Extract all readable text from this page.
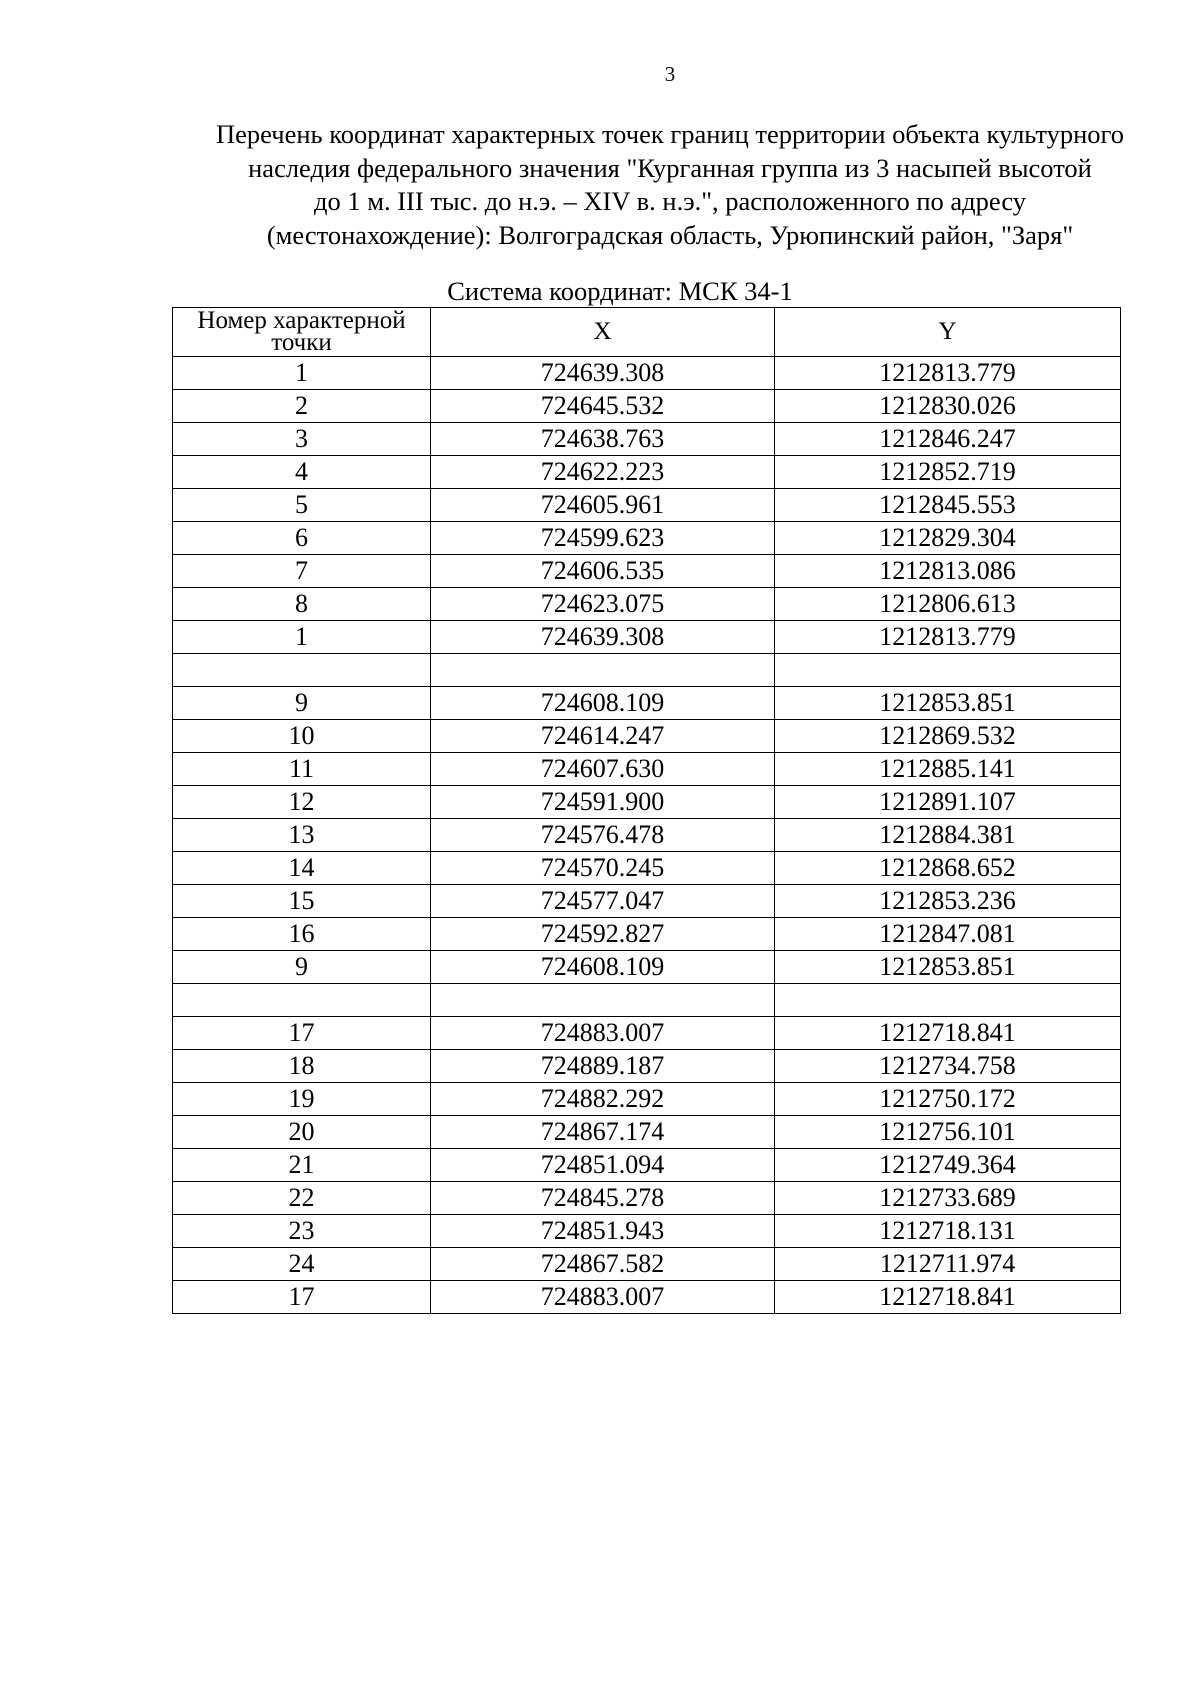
3
Перечень координат характерных точек границ территории объекта культурного
наследия федерального значения "Курганная группа из 3 насыпей высотой
до 1 м. III тыс. до н.э. – XIV в. н.э.", расположенного по адресу
(местонахождение): Волгоградская область, Урюпинский район, "Заря"
Система координат: МСК 34-1
Номер характерной
точки	X	Y
1	724639.308	1212813.779
2	724645.532	1212830.026
3	724638.763	1212846.247
4	724622.223	1212852.719
5	724605.961	1212845.553
6	724599.623	1212829.304
7	724606.535	1212813.086
8	724623.075	1212806.613
1	724639.308	1212813.779

9	724608.109	1212853.851
10	724614.247	1212869.532
11	724607.630	1212885.141
12	724591.900	1212891.107
13	724576.478	1212884.381
14	724570.245	1212868.652
15	724577.047	1212853.236
16	724592.827	1212847.081
9	724608.109	1212853.851

17	724883.007	1212718.841
18	724889.187	1212734.758
19	724882.292	1212750.172
20	724867.174	1212756.101
21	724851.094	1212749.364
22	724845.278	1212733.689
23	724851.943	1212718.131
24	724867.582	1212711.974
17	724883.007	1212718.841
